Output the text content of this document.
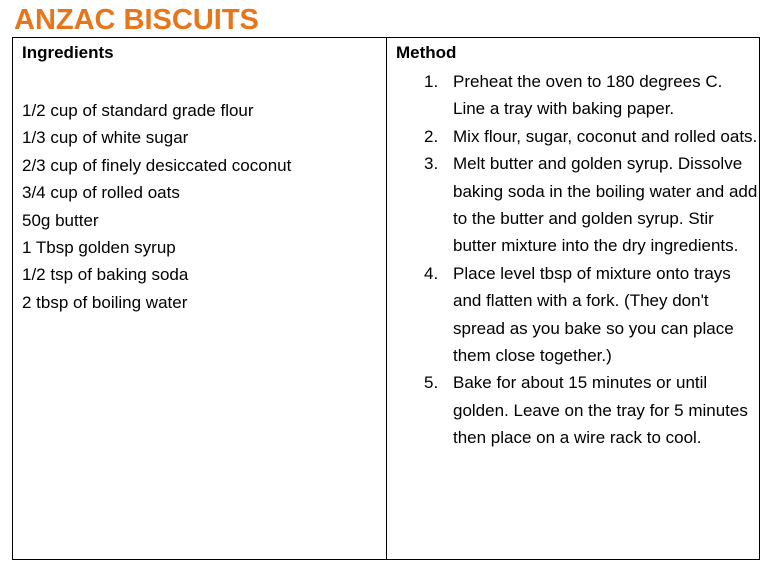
ANZAC BISCUITS
Ingredients
1/2 cup of standard grade flour
1/3 cup of white sugar
2/3 cup of finely desiccated coconut
3/4 cup of rolled oats
50g butter
1 Tbsp golden syrup
1/2 tsp of baking soda
2 tbsp of boiling water
Method
1. Preheat the oven to 180 degrees C. Line a tray with baking paper.
2. Mix flour, sugar, coconut and rolled oats.
3. Melt butter and golden syrup. Dissolve baking soda in the boiling water and add to the butter and golden syrup. Stir butter mixture into the dry ingredients.
4. Place level tbsp of mixture onto trays and flatten with a fork. (They don't spread as you bake so you can place them close together.)
5. Bake for about 15 minutes or until golden. Leave on the tray for 5 minutes then place on a wire rack to cool.
